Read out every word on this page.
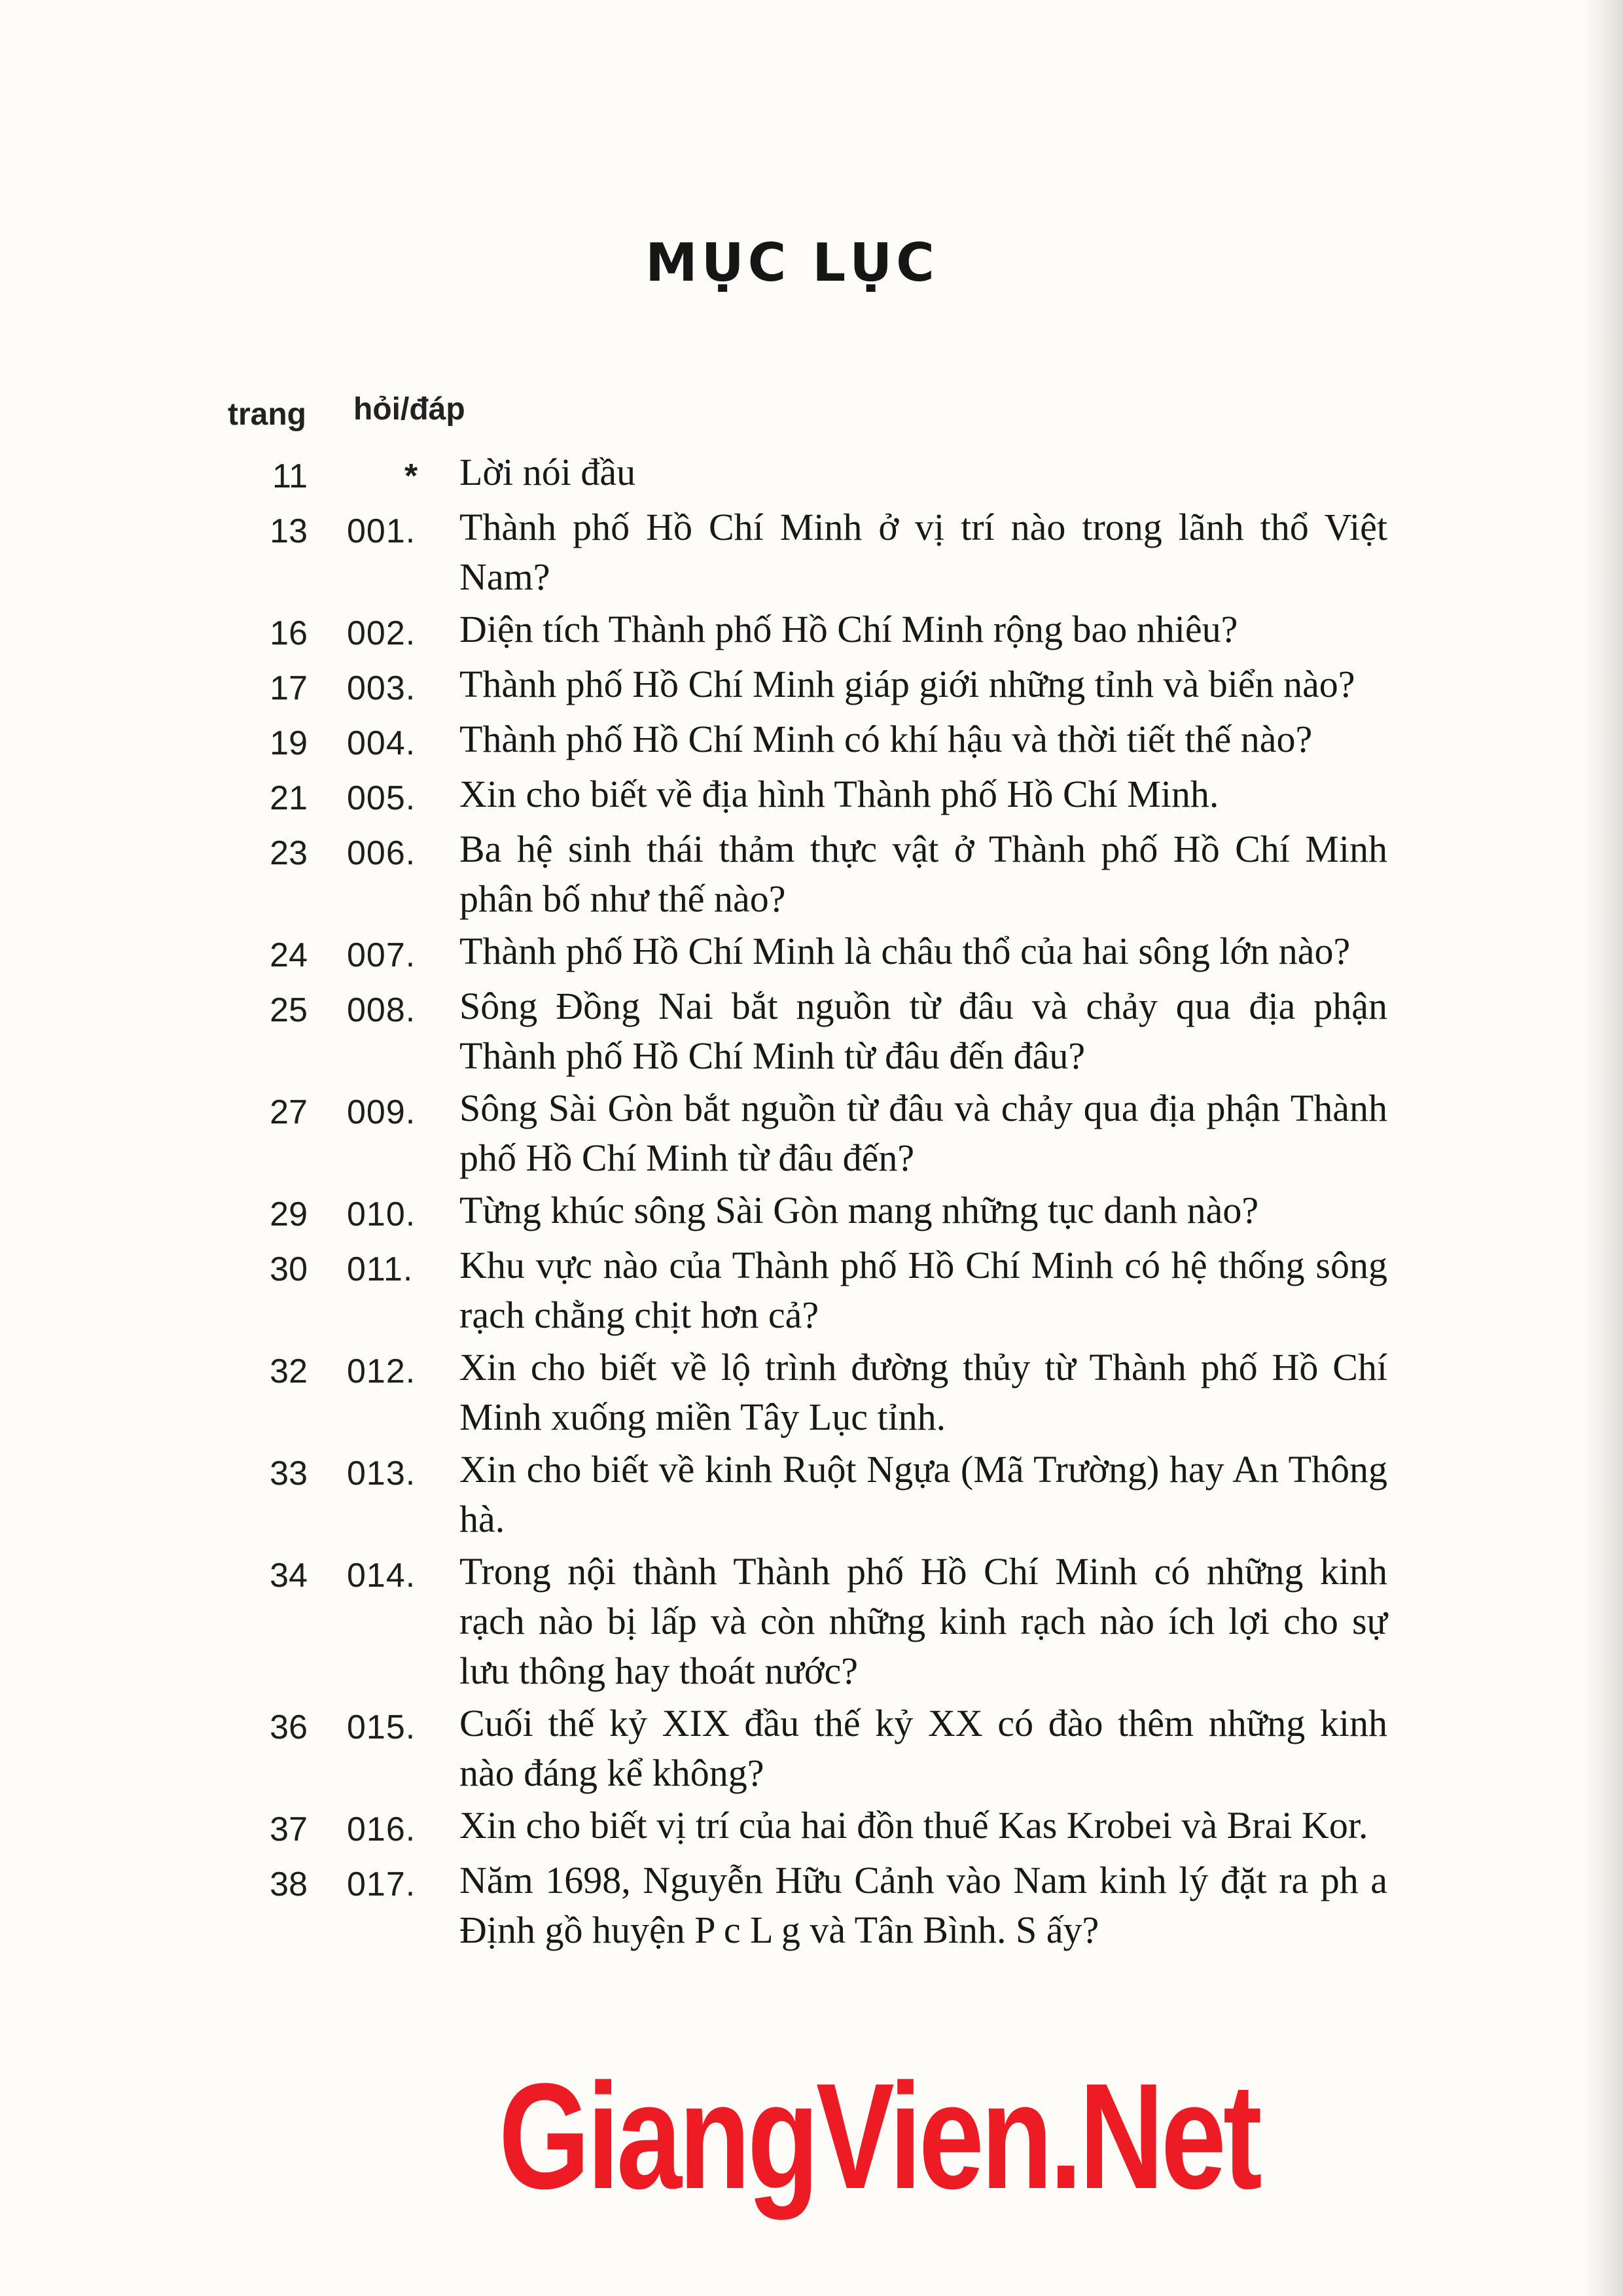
MỤC LỤC
trang hỏi/đáp
11	* Lời nói đầu
13 001. Thành phố Hồ Chí Minh ở vị trí nào trong lãnh thổ Việt Nam?
16 002. Diện tích Thành phố Hồ Chí Minh rộng bao nhiêu?
17 003. Thành phố Hồ Chí Minh giáp giới những tỉnh và biển nào?
19 004. Thành phố Hồ Chí Minh có khí hậu và thời tiết thế nào?
21 005. Xin cho biết về địa hình Thành phố Hồ Chí Minh.
23 006. Ba hệ sinh thái thảm thực vật ở Thành phố Hồ Chí Minh phân bố như thế nào?
24 007. Thành phố Hồ Chí Minh là châu thổ của hai sông lớn nào?
25 008. Sông Đồng Nai bắt nguồn từ đâu và chảy qua địa phận Thành phố Hồ Chí Minh từ đâu đến đâu?
27 009. Sông Sài Gòn bắt nguồn từ đâu và chảy qua địa phận Thành phố Hồ Chí Minh từ đâu đến?
29 010. Từng khúc sông Sài Gòn mang những tục danh nào?
30 011. Khu vực nào của Thành phố Hồ Chí Minh có hệ thống sông rạch chằng chịt hơn cả?
32 012. Xin cho biết về lộ trình đường thủy từ Thành phố Hồ Chí Minh xuống miền Tây Lục tỉnh.
33 013. Xin cho biết về kinh Ruột Ngựa (Mã Trường) hay An Thông hà.
34 014. Trong nội thành Thành phố Hồ Chí Minh có những kinh rạch nào bị lấp và còn những kinh rạch nào ích lợi cho sự lưu thông hay thoát nước?
36 015. Cuối thế kỷ XIX đầu thế kỷ XX có đào thêm những kinh nào đáng kể không?
37 016. Xin cho biết vị trí của hai đồn thuế Kas Krobei và Brai Kor.
38 017. Năm 1698, Nguyễn Hữu Cảnh vào Nam kinh lý đặt ra ph a Định gồ huyện P c L g và Tân Bình. S ấy?
GiangVien.Net
